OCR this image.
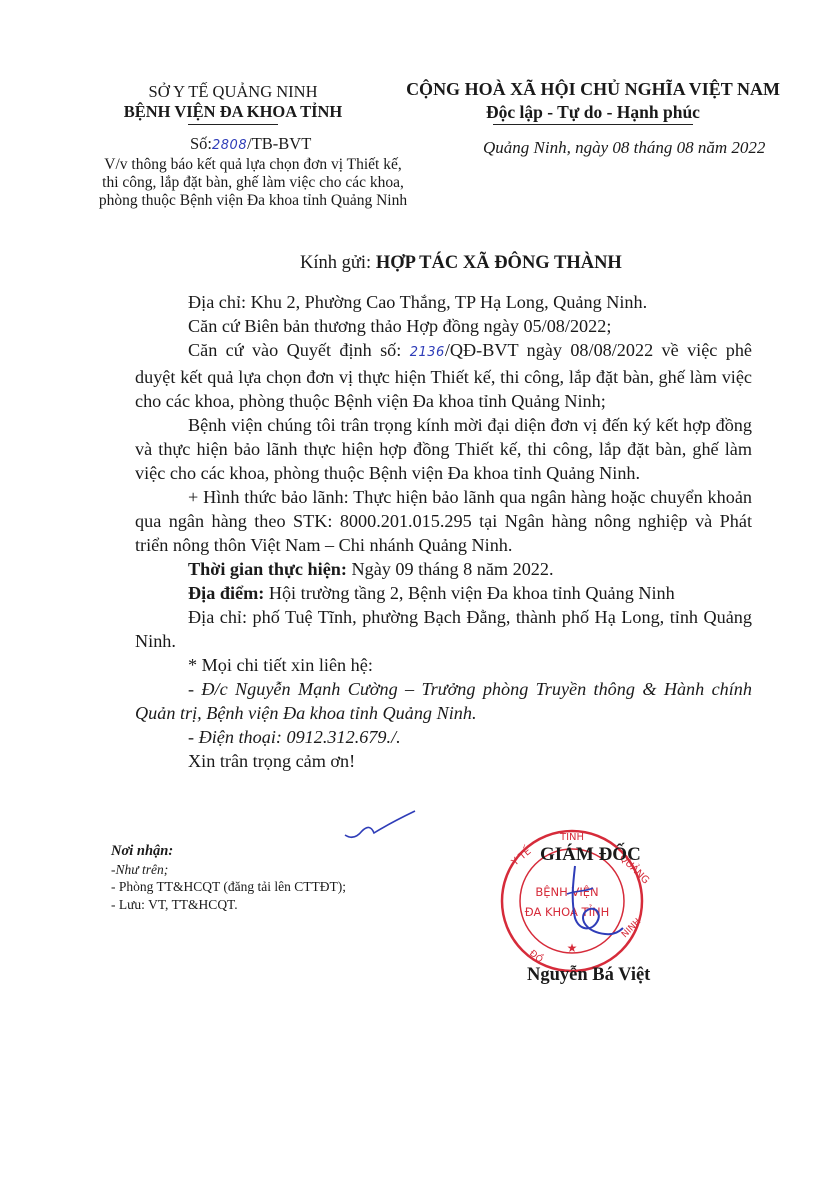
SỞ Y TẾ QUẢNG NINH
BỆNH VIỆN ĐA KHOA TỈNH
CỘNG HOÀ XÃ HỘI CHỦ NGHĨA VIỆT NAM
Độc lập - Tự do - Hạnh phúc
Số:2808/TB-BVT	Quảng Ninh, ngày 08 tháng 08 năm 2022
V/v thông báo kết quả lựa chọn đơn vị Thiết kế, thi công, lắp đặt bàn, ghế làm việc cho các khoa, phòng thuộc Bệnh viện Đa khoa tỉnh Quảng Ninh
Kính gửi: HỢP TÁC XÃ ĐÔNG THÀNH

Địa chỉ: Khu 2, Phường Cao Thắng, TP Hạ Long, Quảng Ninh.

Căn cứ Biên bản thương thảo Hợp đồng ngày 05/08/2022;

Căn cứ vào Quyết định số: 2136/QĐ-BVT ngày 08/08/2022 về việc phê duyệt kết quả lựa chọn đơn vị thực hiện Thiết kế, thi công, lắp đặt bàn, ghế làm việc cho các khoa, phòng thuộc Bệnh viện Đa khoa tỉnh Quảng Ninh;

Bệnh viện chúng tôi trân trọng kính mời đại diện đơn vị đến ký kết hợp đồng và thực hiện bảo lãnh thực hiện hợp đồng Thiết kế, thi công, lắp đặt bàn, ghế làm việc cho các khoa, phòng thuộc Bệnh viện Đa khoa tỉnh Quảng Ninh.

+ Hình thức bảo lãnh: Thực hiện bảo lãnh qua ngân hàng hoặc chuyển khoản qua ngân hàng theo STK: 8000.201.015.295 tại Ngân hàng nông nghiệp và Phát triển nông thôn Việt Nam – Chi nhánh Quảng Ninh.

Thời gian thực hiện: Ngày 09 tháng 8 năm 2022.

Địa điểm: Hội trường tầng 2, Bệnh viện Đa khoa tỉnh Quảng Ninh

Địa chỉ: phố Tuệ Tĩnh, phường Bạch Đằng, thành phố Hạ Long, tỉnh Quảng Ninh.

* Mọi chi tiết xin liên hệ:

- Đ/c Nguyễn Mạnh Cường – Trưởng phòng Truyền thông & Hành chính Quản trị, Bệnh viện Đa khoa tỉnh Quảng Ninh.

- Điện thoại: 0912.312.679./.

Xin trân trọng cảm ơn!

Nơi nhận:
-Như trên;
- Phòng TT&HCQT (đăng tải lên CTTĐT);
- Lưu: VT, TT&HCQT.
TỈNH
Y TẾ	QUẢNG
NINH
ĐỒ
BỆNH VIỆN
ĐA KHOA TỈNH
★
GIÁM ĐỐC
Nguyễn Bá Việt
